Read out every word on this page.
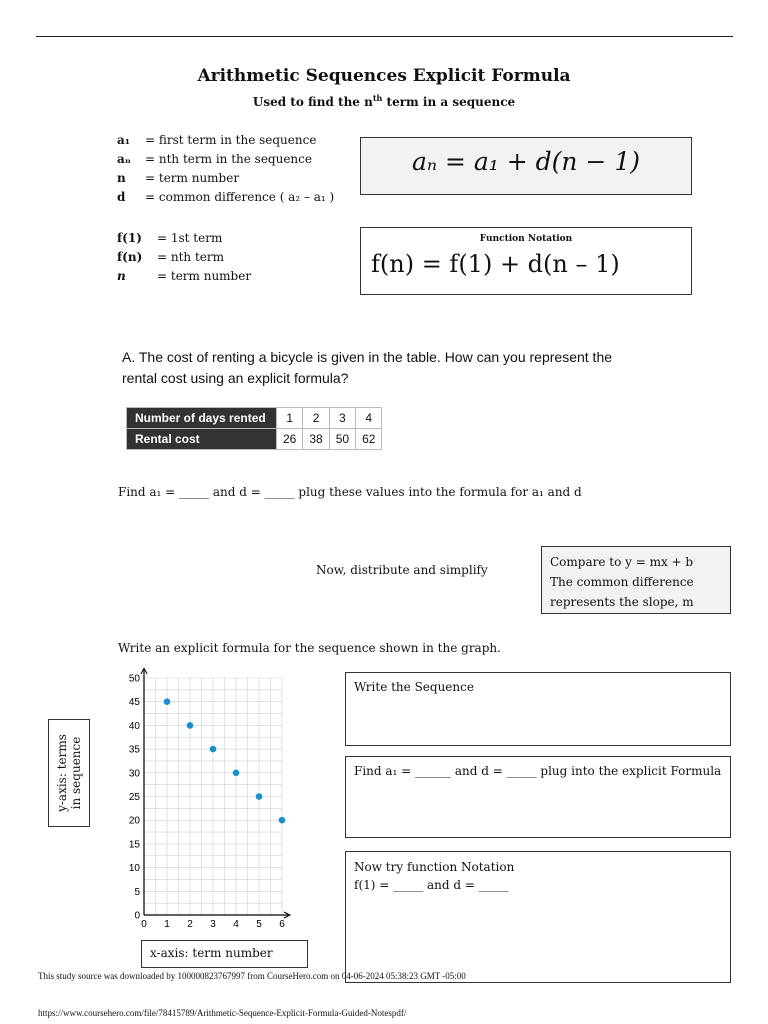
Arithmetic Sequences Explicit Formula
Used to find the $n^{th}$ term in a sequence
a₁ = first term in the sequence
aₙ = nth term in the sequence
n = term number
d = common difference ( a₂ – a₁ )
aₙ = a₁ + d(n − 1)
f(1) = 1st term
f(n) = nth term
n	= term number
Function Notation
f(n) = f(1) + d(n – 1)
A. The cost of renting a bicycle is given in the table. How can you represent the rental cost using an explicit formula?
Number of days rented	1	2	3	4
Rental cost	26	38	50	62
Find a₁ = _____ and d = _____ plug these values into the formula for a₁ and d
Now, distribute and simplify
Compare to y = mx + b
The common difference
represents the slope, m
Write an explicit formula for the sequence shown in the graph.
0
5
10
15
20
25
30
35
40
45
50
0 1 2 3 4 5 6
y-axis: terms in sequence
x-axis: term number
Write the Sequence
Find a₁ = ______ and d = _____ plug into the explicit Formula
Now try function Notation
f(1) = _____ and d = _____
This study source was downloaded by 100000823767997 from CourseHero.com on 04-06-2024 05:38:23 GMT -05:00
https://www.coursehero.com/file/78415789/Arithmetic-Sequence-Explicit-Formula-Guided-Notespdf/
